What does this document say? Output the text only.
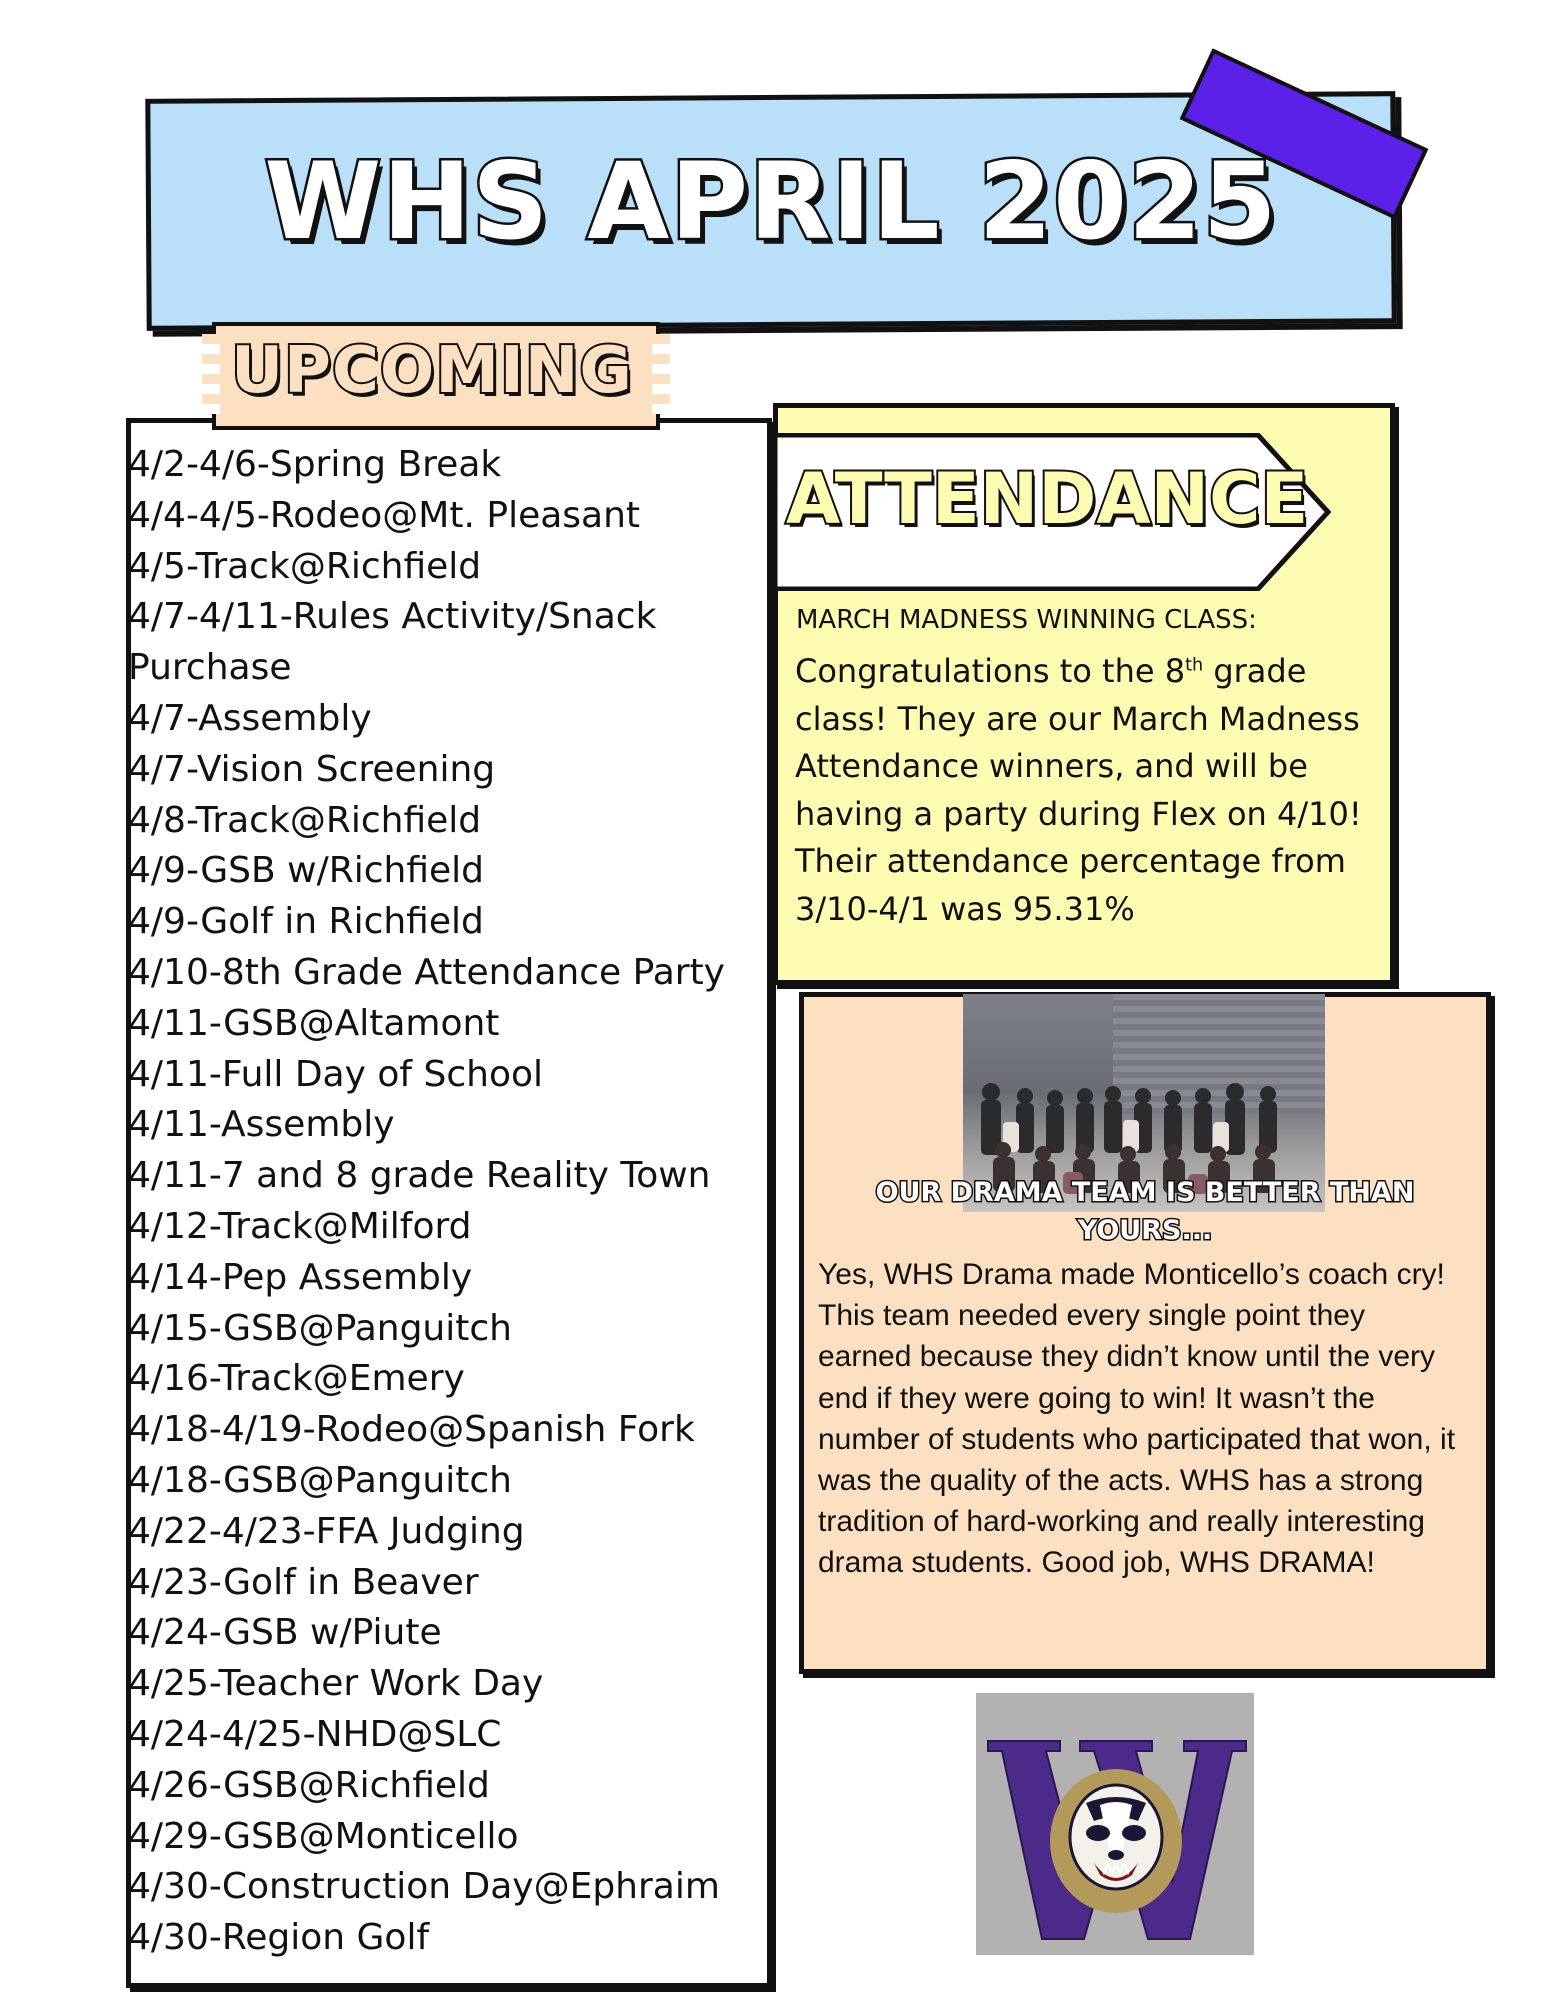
WHS APRIL 2025
UPCOMING
4/2-4/6-Spring Break
4/4-4/5-Rodeo@Mt. Pleasant
4/5-Track@Richfield
4/7-4/11-Rules Activity/Snack Purchase
4/7-Assembly
4/7-Vision Screening
4/8-Track@Richfield
4/9-GSB w/Richfield
4/9-Golf in Richfield
4/10-8th Grade Attendance Party
4/11-GSB@Altamont
4/11-Full Day of School
4/11-Assembly
4/11-7 and 8 grade Reality Town
4/12-Track@Milford
4/14-Pep Assembly
4/15-GSB@Panguitch
4/16-Track@Emery
4/18-4/19-Rodeo@Spanish Fork
4/18-GSB@Panguitch
4/22-4/23-FFA Judging
4/23-Golf in Beaver
4/24-GSB w/Piute
4/25-Teacher Work Day
4/24-4/25-NHD@SLC
4/26-GSB@Richfield
4/29-GSB@Monticello
4/30-Construction Day@Ephraim
4/30-Region Golf
ATTENDANCE
MARCH MADNESS WINNING CLASS:
Congratulations to the 8th grade class! They are our March Madness Attendance winners, and will be having a party during Flex on 4/10! Their attendance percentage from 3/10-4/1 was 95.31%
OUR DRAMA TEAM IS BETTER THAN YOURS...
Yes, WHS Drama made Monticello’s coach cry! This team needed every single point they earned because they didn’t know until the very end if they were going to win! It wasn’t the number of students who participated that won, it was the quality of the acts. WHS has a strong tradition of hard-working and really interesting drama students. Good job, WHS DRAMA!
